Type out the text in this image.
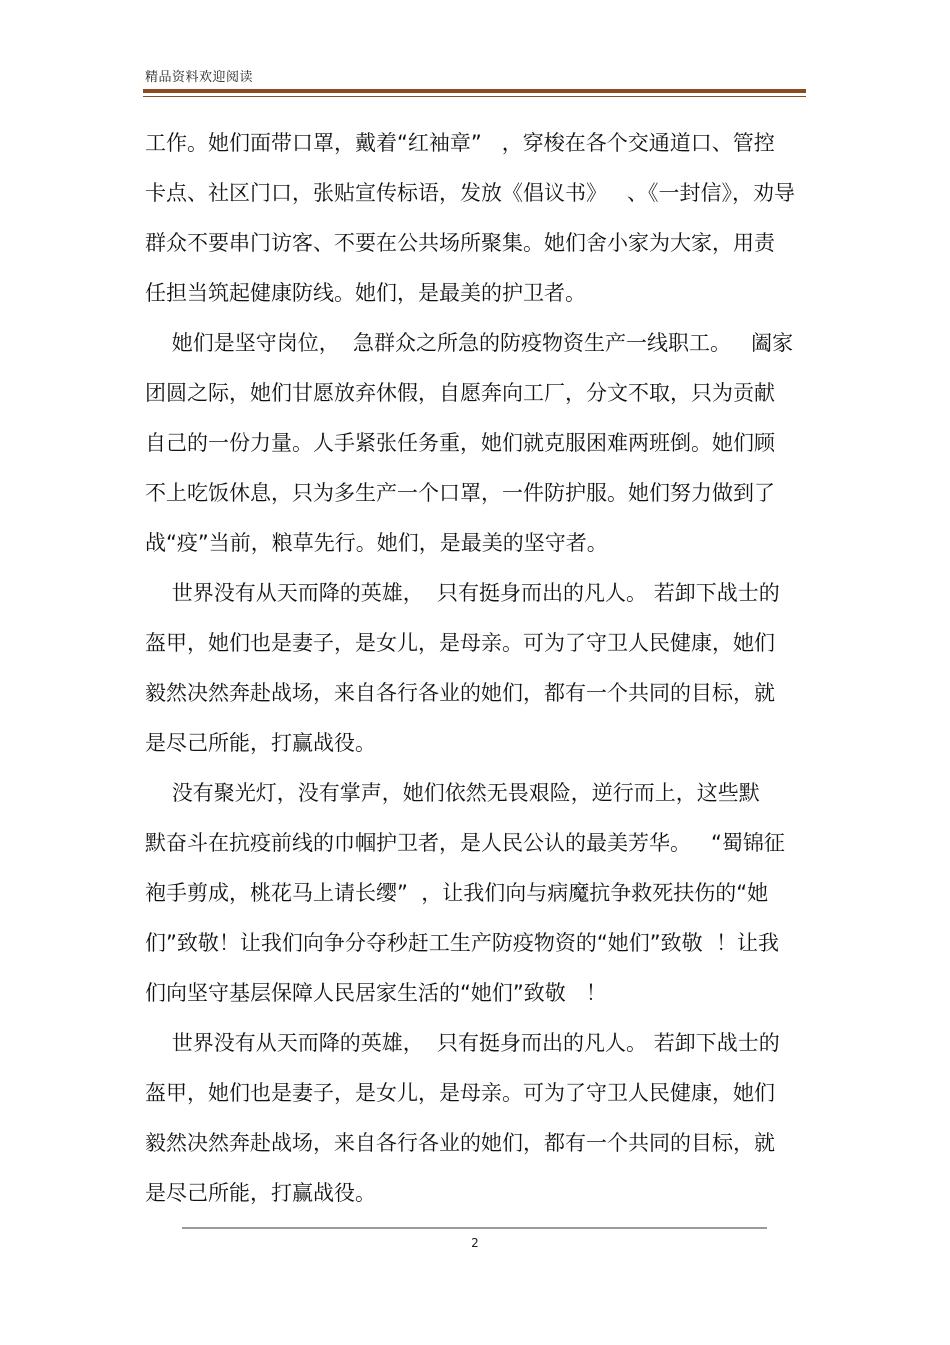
精品资料欢迎阅读
工作。她们面带口罩，戴着“红袖章”   ，穿梭在各个交通道口、管控
卡点、社区门口，张贴宣传标语，发放《倡议书》   、《一封信》，劝导
群众不要串门访客、不要在公共场所聚集。她们舍小家为大家，用责
任担当筑起健康防线。她们，是最美的护卫者。
她们是坚守岗位，  急群众之所急的防疫物资生产一线职工。   阖家
团圆之际，她们甘愿放弃休假，自愿奔向工厂，分文不取，只为贡献
自己的一份力量。人手紧张任务重，她们就克服困难两班倒。她们顾
不上吃饭休息，只为多生产一个口罩，一件防护服。她们努力做到了
战“疫”当前，粮草先行。她们，是最美的坚守者。
世界没有从天而降的英雄，  只有挺身而出的凡人。 若卸下战士的
盔甲，她们也是妻子，是女儿，是母亲。可为了守卫人民健康，她们
毅然决然奔赴战场，来自各行各业的她们，都有一个共同的目标，就
是尽己所能，打赢战役。
没有聚光灯，没有掌声，她们依然无畏艰险，逆行而上，这些默
默奋斗在抗疫前线的巾帼护卫者，是人民公认的最美芳华。   “蜀锦征
袍手剪成，桃花马上请长缨”  ，让我们向与病魔抗争救死扶伤的“她
们”致敬！让我们向争分夺秒赶工生产防疫物资的“她们”致敬  ！让我
们向坚守基层保障人民居家生活的“她们”致敬   ！
世界没有从天而降的英雄，  只有挺身而出的凡人。 若卸下战士的
盔甲，她们也是妻子，是女儿，是母亲。可为了守卫人民健康，她们
毅然决然奔赴战场，来自各行各业的她们，都有一个共同的目标，就
是尽己所能，打赢战役。
2
